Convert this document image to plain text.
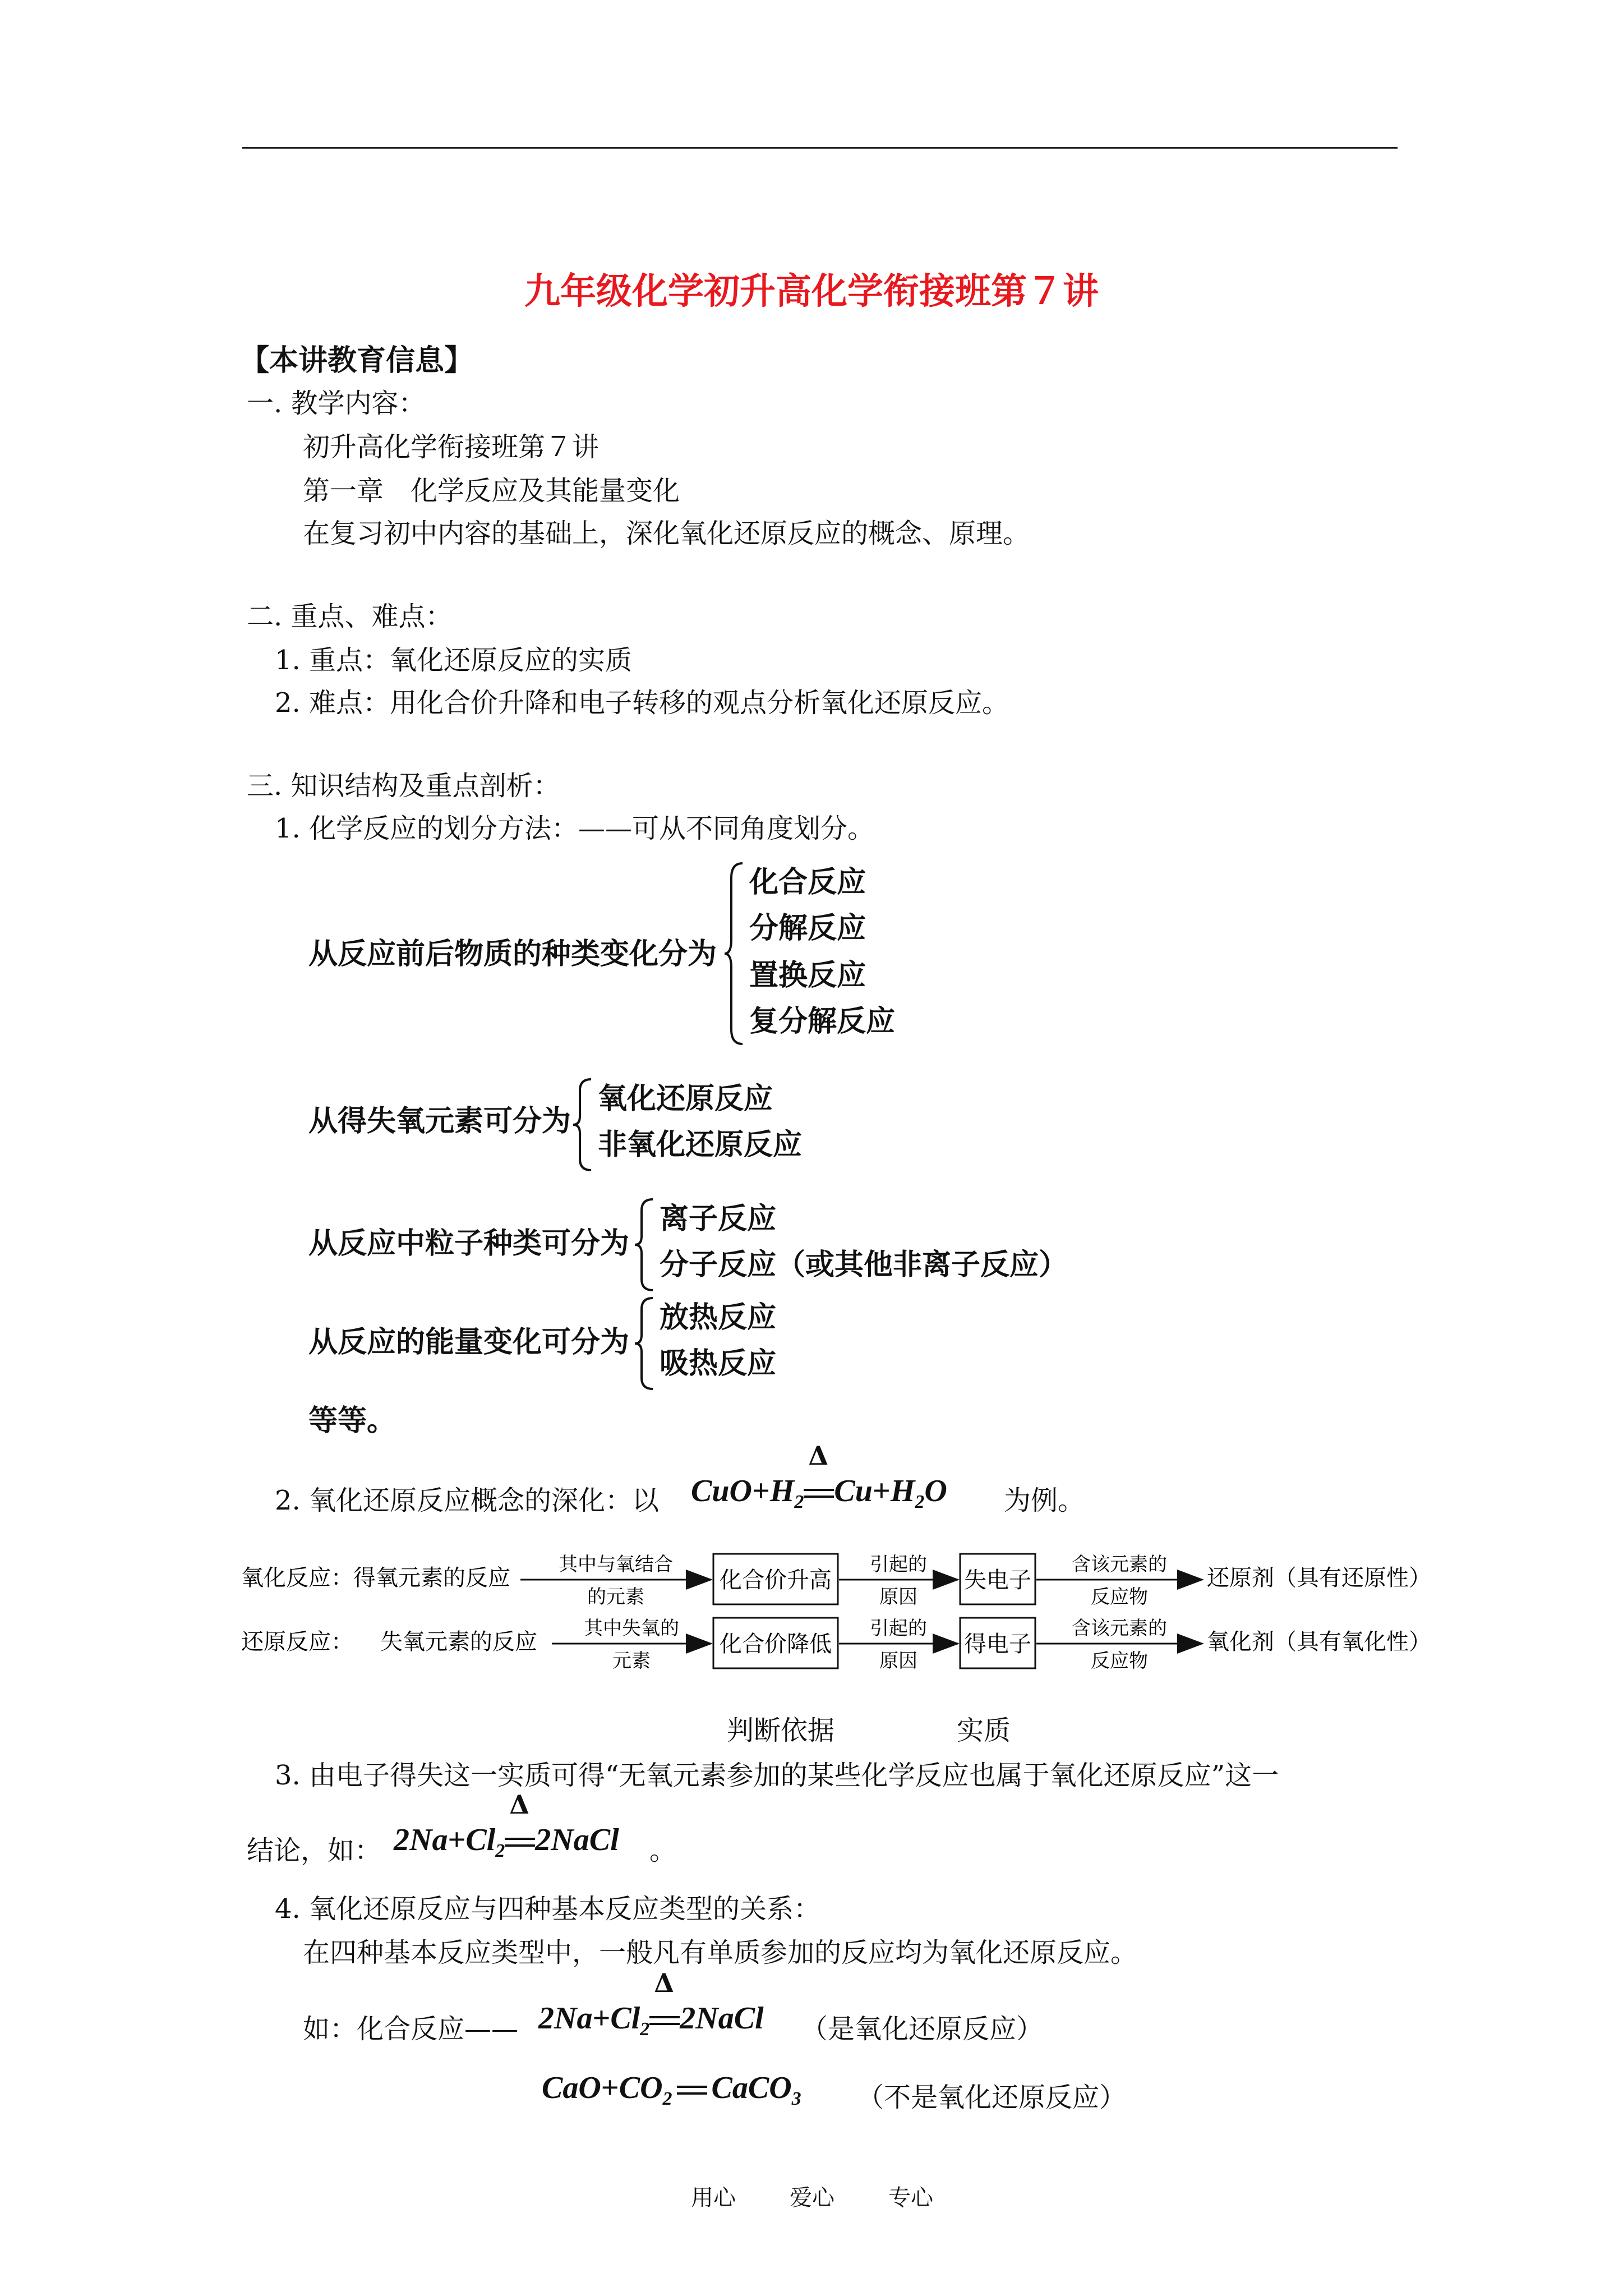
九年级化学初升高化学衔接班第７讲
【本讲教育信息】
一. 教学内容：
初升高化学衔接班第７讲
第一章　化学反应及其能量变化
在复习初中内容的基础上，深化氧化还原反应的概念、原理。
二. 重点、难点：
1. 重点：氧化还原反应的实质
2. 难点：用化合价升降和电子转移的观点分析氧化还原反应。
三. 知识结构及重点剖析：
1. 化学反应的划分方法：——可从不同角度划分。
从反应前后物质的种类变化分为
化合反应
分解反应
置换反应
复分解反应
从得失氧元素可分为
氧化还原反应
非氧化还原反应
从反应中粒子种类可分为
离子反应
分子反应（或其他非离子反应）
从反应的能量变化可分为
放热反应
吸热反应
等等。
2. 氧化还原反应概念的深化：以 $CuO+H_2$
Δ
$Cu+H_2O$ 为例。
氧化反应：得氧元素的反应
其中与氧结合
的元素
化合价升高
引起的
原因
失电子
含该元素的
反应物
还原剂（具有还原性）
还原反应： 失氧元素的反应
其中失氧的
元素
化合价降低
引起的
原因
得电子
含该元素的
反应物
氧化剂（具有氧化性）
判断依据	实质
3. 由电子得失这一实质可得“无氧元素参加的某些化学反应也属于氧化还原反应”这一
结论，如： $2Na+Cl_2$
Δ
2NaCl 。
4. 氧化还原反应与四种基本反应类型的关系：
在四种基本反应类型中，一般凡有单质参加的反应均为氧化还原反应。
如：化合反应—— $2Na+Cl_2$
Δ
2NaCl （是氧化还原反应）
$CaO+CO_2$ CaCO$_3$ （不是氧化还原反应）
用心 爱心 专心
